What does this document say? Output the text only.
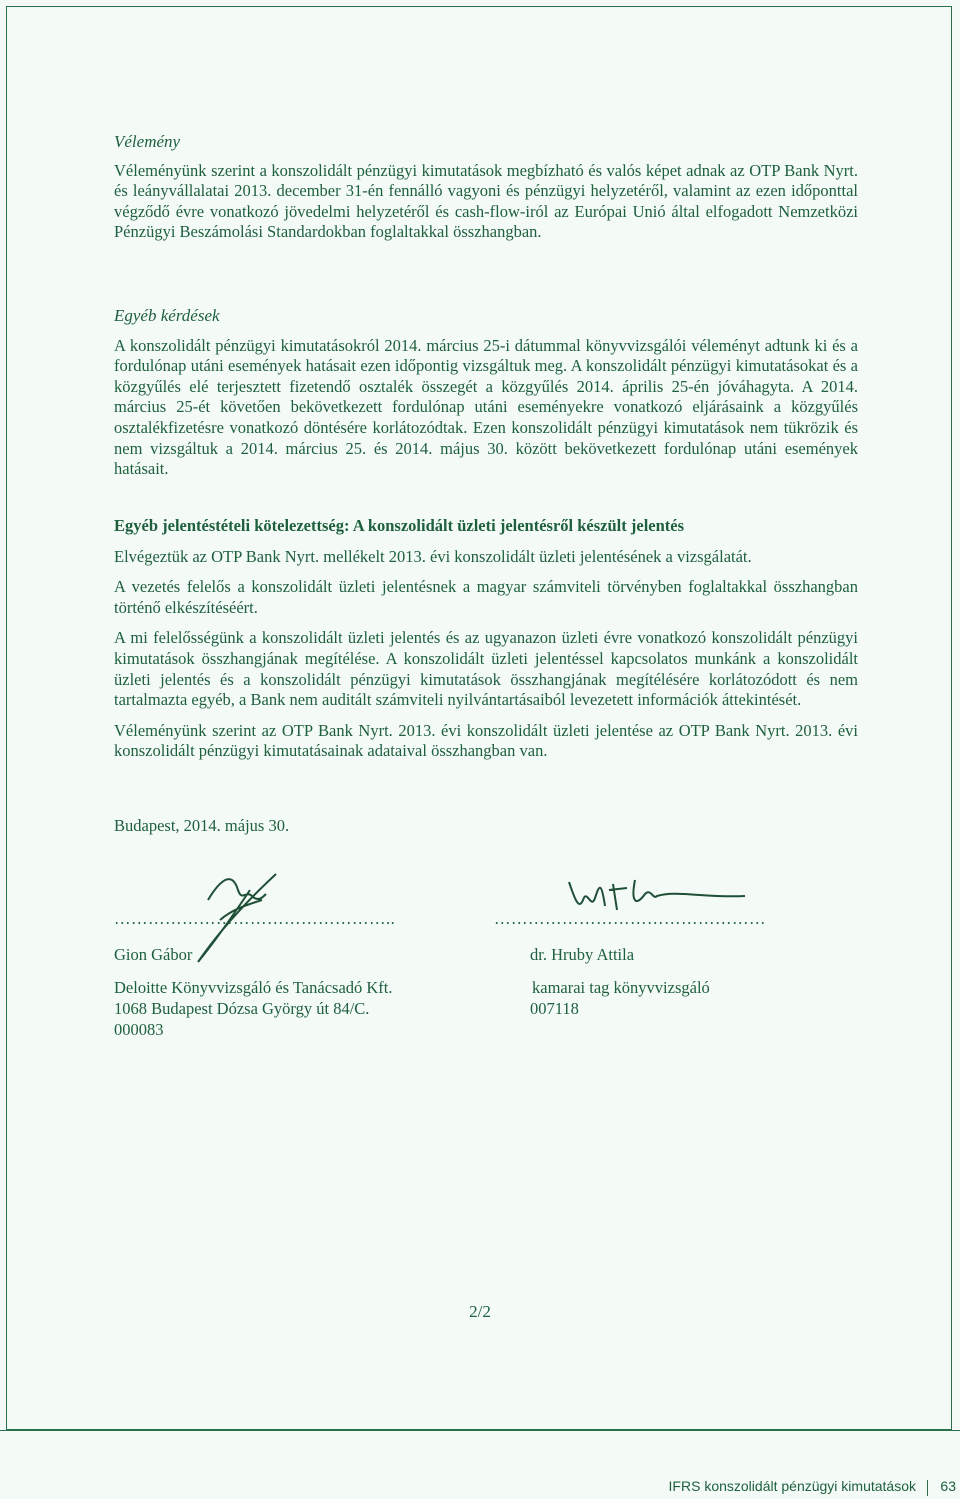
Vélemény

Véleményünk szerint a konszolidált pénzügyi kimutatások megbízható és valós képet adnak az OTP Bank Nyrt. és leányvállalatai 2013. december 31-én fennálló vagyoni és pénzügyi helyzetéről, valamint az ezen időponttal végződő évre vonatkozó jövedelmi helyzetéről és cash-flow-iról az Európai Unió által elfogadott Nemzetközi Pénzügyi Beszámolási Standardokban foglaltakkal összhangban.

Egyéb kérdések

A konszolidált pénzügyi kimutatásokról 2014. március 25-i dátummal könyvvizsgálói véleményt adtunk ki és a fordulónap utáni események hatásait ezen időpontig vizsgáltuk meg. A konszolidált pénzügyi kimutatásokat és a közgyűlés elé terjesztett fizetendő osztalék összegét a közgyűlés 2014. április 25-én jóváhagyta. A 2014. március 25-ét követően bekövetkezett fordulónap utáni eseményekre vonatkozó eljárásaink a közgyűlés osztalékfizetésre vonatkozó döntésére korlátozódtak. Ezen konszolidált pénzügyi kimutatások nem tükrözik és nem vizsgáltuk a 2014. március 25. és 2014. május 30. között bekövetkezett fordulónap utáni események hatásait.

Egyéb jelentéstételi kötelezettség: A konszolidált üzleti jelentésről készült jelentés

Elvégeztük az OTP Bank Nyrt. mellékelt 2013. évi konszolidált üzleti jelentésének a vizsgálatát.

A vezetés felelős a konszolidált üzleti jelentésnek a magyar számviteli törvényben foglaltakkal összhangban történő elkészítéséért.

A mi felelősségünk a konszolidált üzleti jelentés és az ugyanazon üzleti évre vonatkozó konszolidált pénzügyi kimutatások összhangjának megítélése. A konszolidált üzleti jelentéssel kapcsolatos munkánk a konszolidált üzleti jelentés és a konszolidált pénzügyi kimutatások összhangjának megítélésére korlátozódott és nem tartalmazta egyéb, a Bank nem auditált számviteli nyilvántartásaiból levezetett információk áttekintését.

Véleményünk szerint az OTP Bank Nyrt. 2013. évi konszolidált üzleti jelentése az OTP Bank Nyrt. 2013. évi konszolidált pénzügyi kimutatásainak adataival összhangban van.

Budapest, 2014. május 30.
…………………………………………..
Gion Gábor
Deloitte Könyvvizsgáló és Tanácsadó Kft.
1068 Budapest Dózsa György út 84/C.
000083
…………………………………………
dr. Hruby Attila
kamarai tag könyvvizsgáló
007118
2/2
IFRS konszolidált pénzügyi kimutatások 63
